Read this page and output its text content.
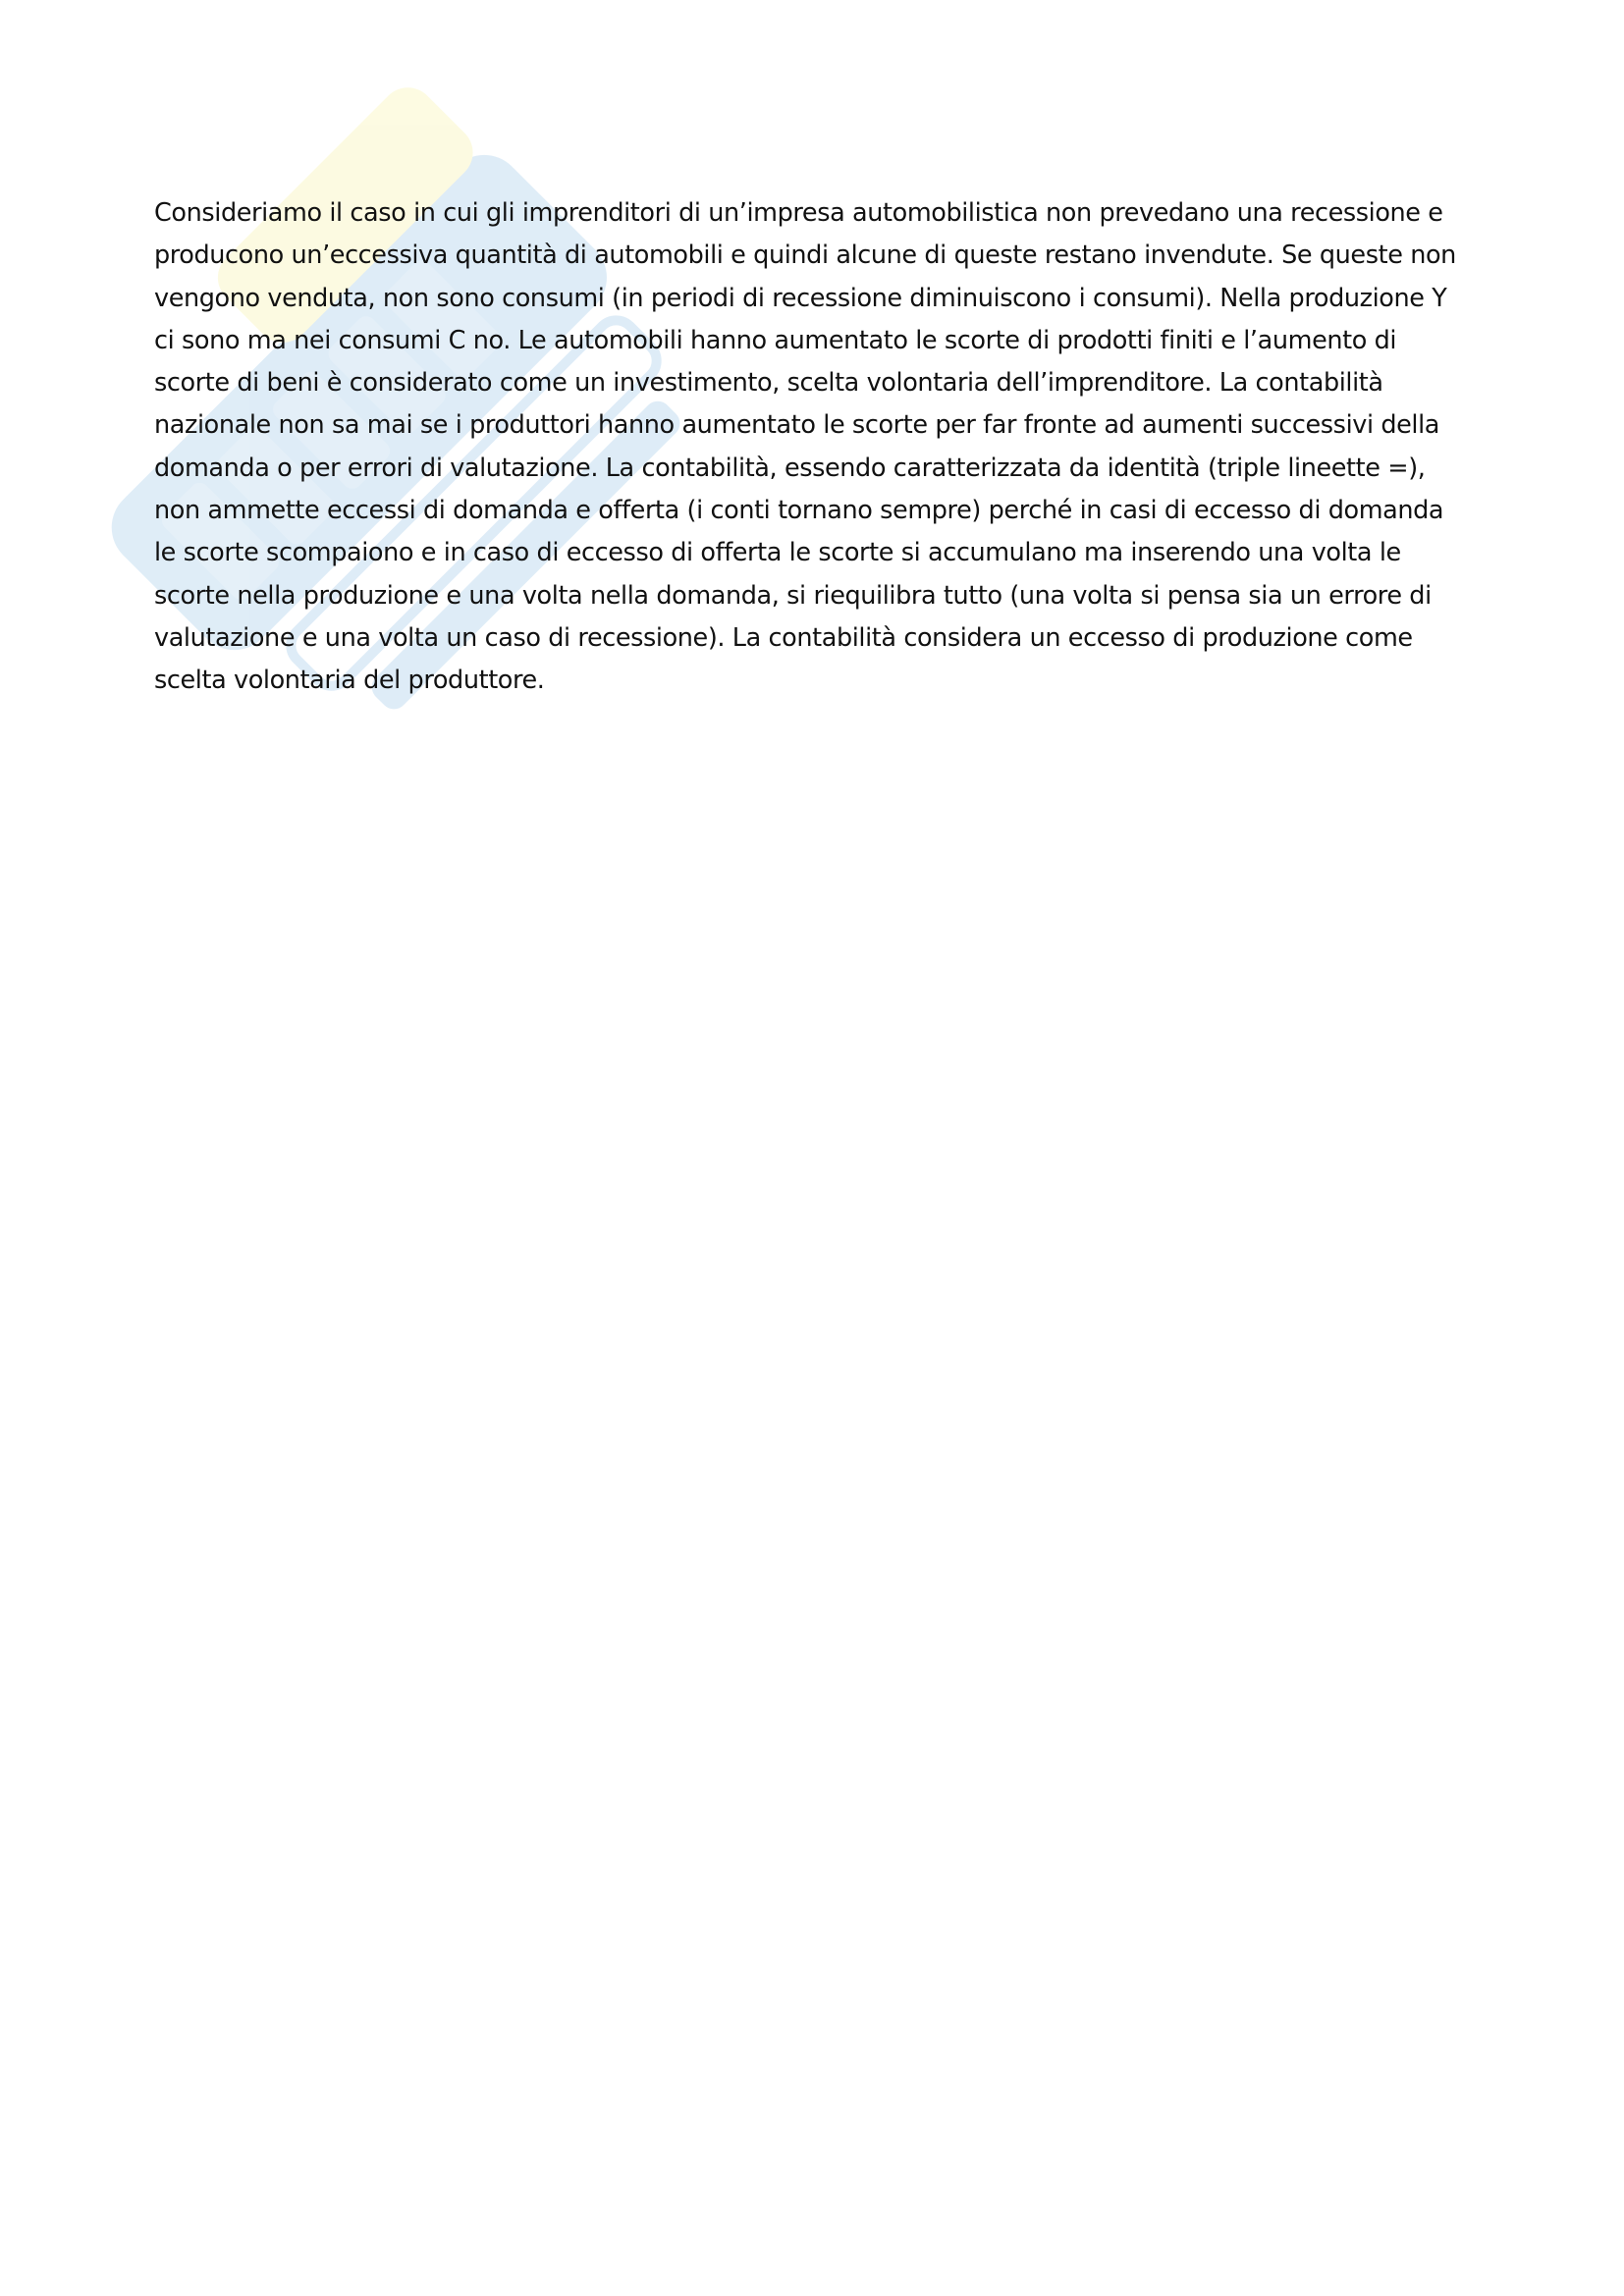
Consideriamo il caso in cui gli imprenditori di un’impresa automobilistica non prevedano una recessione e
producono un’eccessiva quantità di automobili e quindi alcune di queste restano invendute. Se queste non
vengono venduta, non sono consumi (in periodi di recessione diminuiscono i consumi). Nella produzione Y
ci sono ma nei consumi C no. Le automobili hanno aumentato le scorte di prodotti finiti e l’aumento di
scorte di beni è considerato come un investimento, scelta volontaria dell’imprenditore. La contabilità
nazionale non sa mai se i produttori hanno aumentato le scorte per far fronte ad aumenti successivi della
domanda o per errori di valutazione. La contabilità, essendo caratterizzata da identità (triple lineette =),
non ammette eccessi di domanda e offerta (i conti tornano sempre) perché in casi di eccesso di domanda
le scorte scompaiono e in caso di eccesso di offerta le scorte si accumulano ma inserendo una volta le
scorte nella produzione e una volta nella domanda, si riequilibra tutto (una volta si pensa sia un errore di
valutazione e una volta un caso di recessione). La contabilità considera un eccesso di produzione come
scelta volontaria del produttore.
